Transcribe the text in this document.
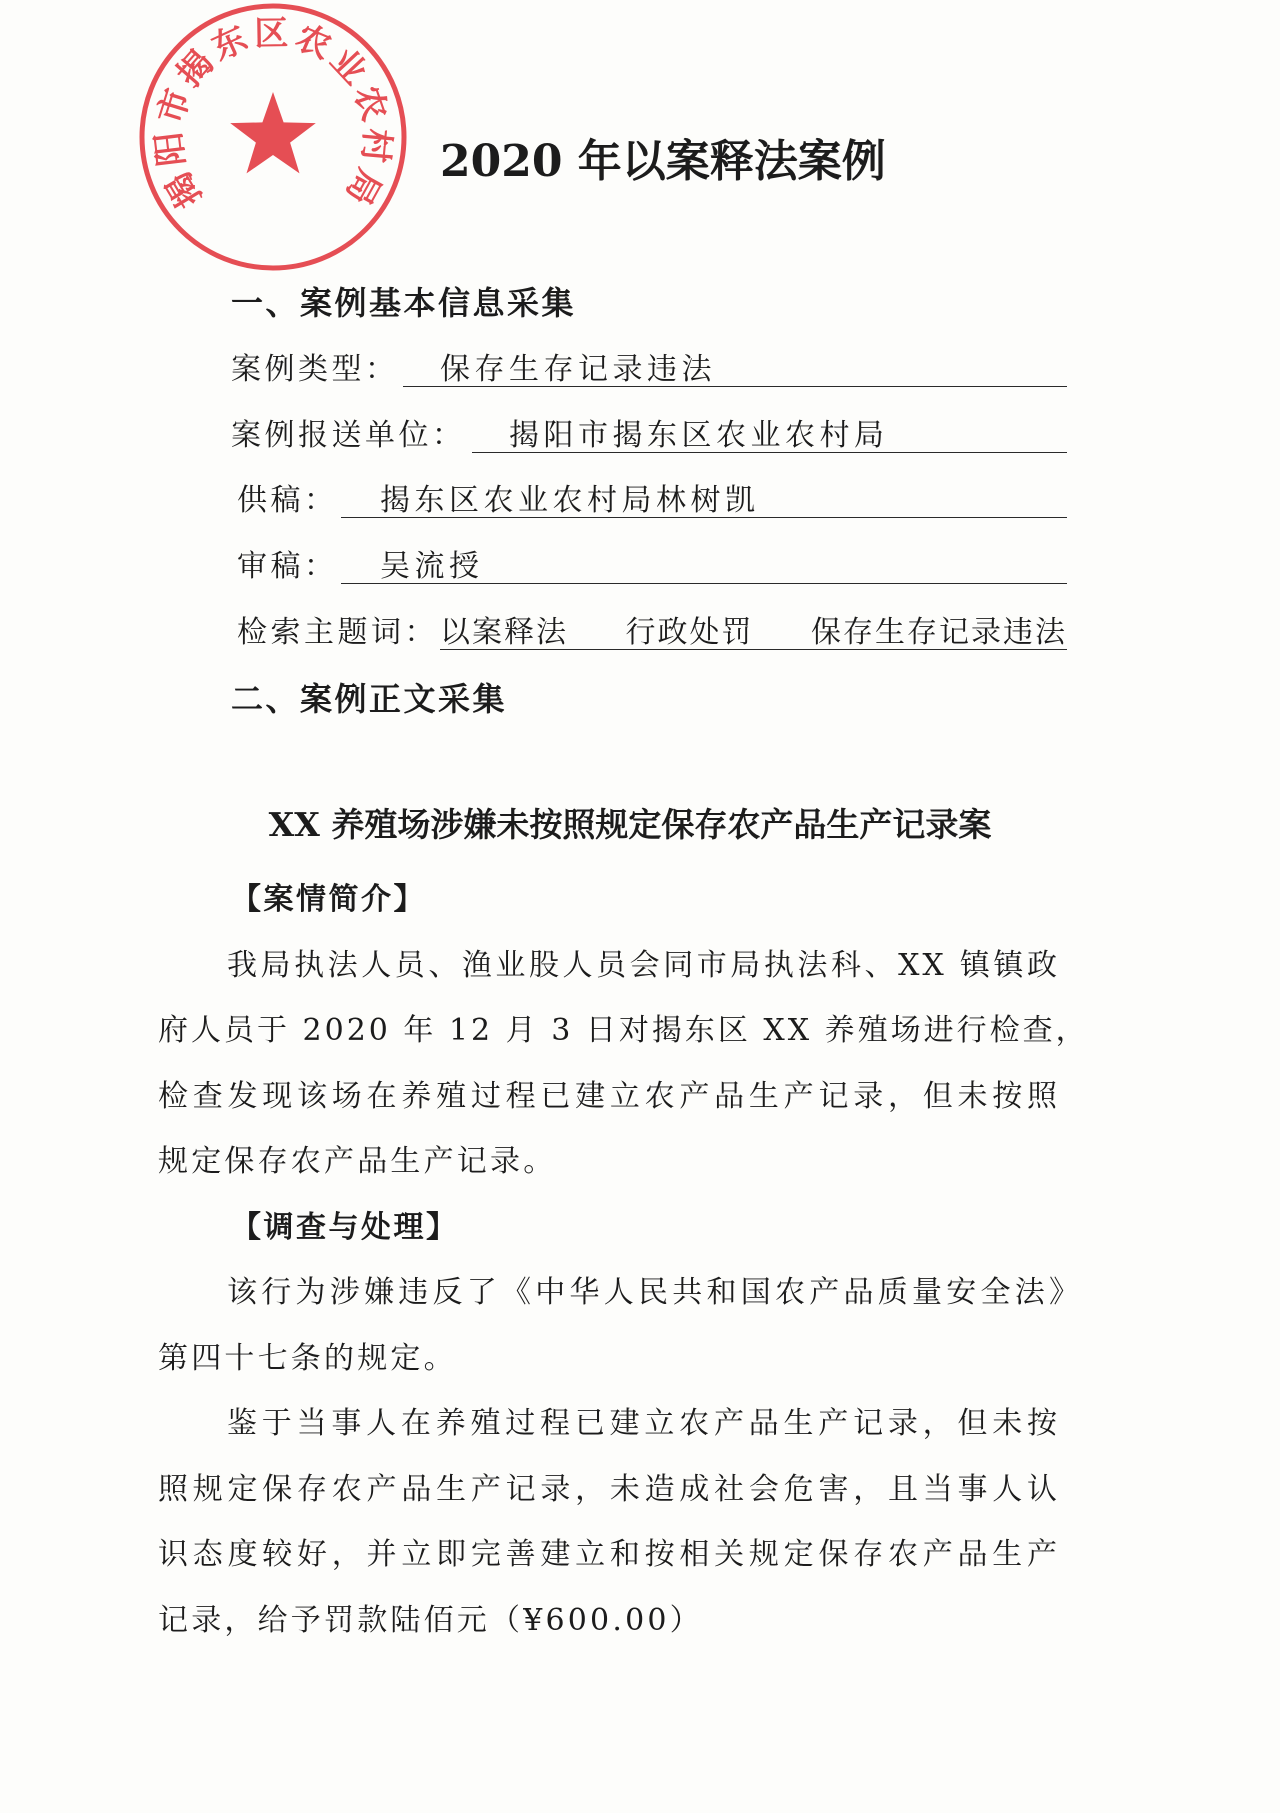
揭阳市揭东区农业农村局 2020 年以案释法案例
一、案例基本信息采集
案例类型：	保存生存记录违法
案例报送单位：	揭阳市揭东区农业农村局
供稿：	揭东区农业农村局林树凯
审稿：	吴流授
检索主题词： 以案释法 行政处罚 保存生存记录违法
二、案例正文采集
XX 养殖场涉嫌未按照规定保存农产品生产记录案
【案情简介】
我局执法人员、渔业股人员会同市局执法科、XX 镇镇政
府人员于 2020 年 12 月 3 日对揭东区 XX 养殖场进行检查，
检查发现该场在养殖过程已建立农产品生产记录，但未按照
规定保存农产品生产记录。
【调查与处理】
该行为涉嫌违反了《中华人民共和国农产品质量安全法》
第四十七条的规定。
鉴于当事人在养殖过程已建立农产品生产记录，但未按
照规定保存农产品生产记录，未造成社会危害，且当事人认
识态度较好，并立即完善建立和按相关规定保存农产品生产
记录，给予罚款陆佰元（¥600.00）
